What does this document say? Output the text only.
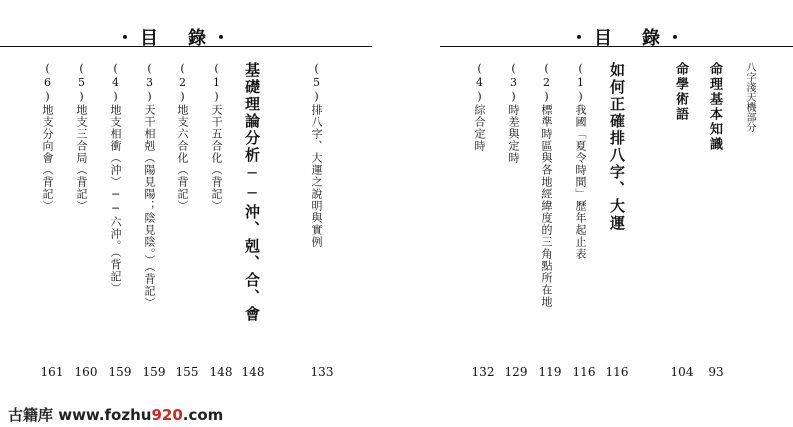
・目　錄・
(5)排八字、大運之說明與實例
133
基礎理論分析──沖、剋、合、會
148
(1)天干五合化（背記）
148
(2)地支六合化（背記）
155
(3)天干相剋（陽見陽；陰見陰。）（背記）
159
(4)地支相衝（沖）──六沖。（背記）
159
(5)地支三合局（背記）
160
(6)地支分向會（背記）
161
・目　錄・
八字淺天機部分
命理基本知識
93
命學術語
104
如何正確排八字、大運
116
(1)我國「夏令時間」歷年起止表
116
(2)標準時區與各地經緯度的三角點所在地
119
(3)時差與定時
129
(4)綜合定時
132
古籍库 www.fozhu920.com
